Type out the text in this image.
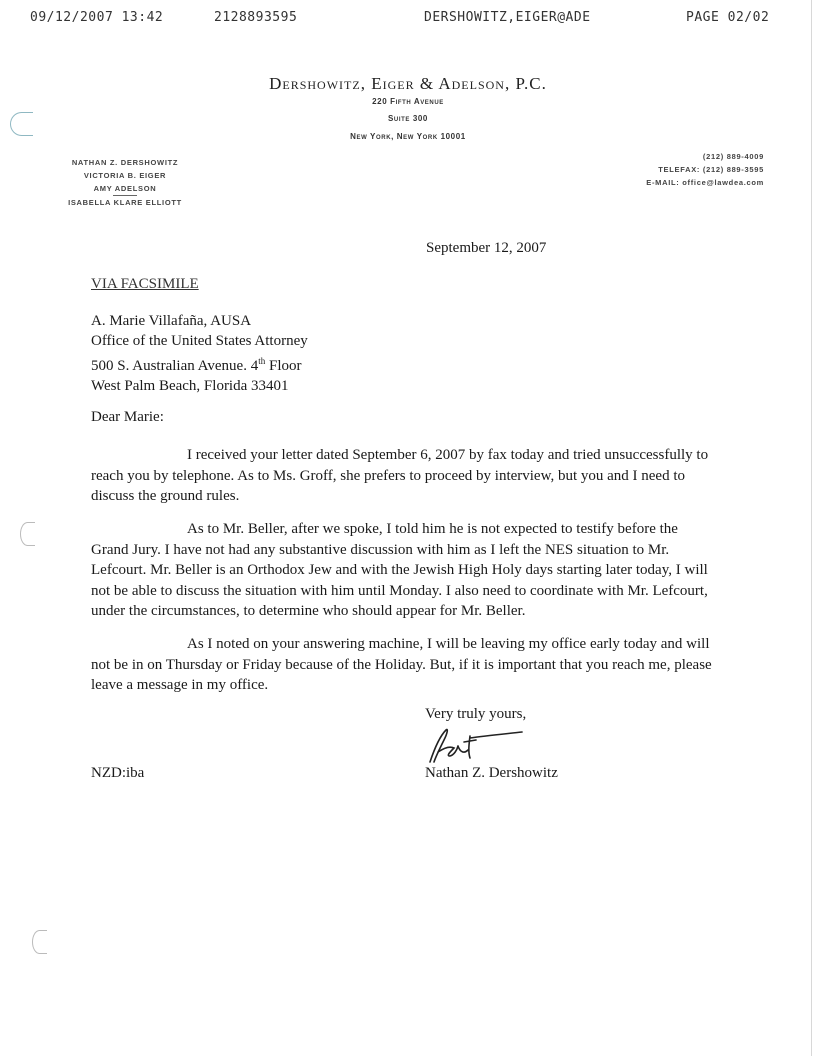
09/12/2007 13:42	2128893595	DERSHOWITZ,EIGER@ADE	PAGE 02/02
Dershowitz, Eiger & Adelson, P.C.
220 Fifth Avenue
Suite 300
New York, New York 10001
NATHAN Z. DERSHOWITZ
VICTORIA B. EIGER
AMY ADELSON
ISABELLA KLARE ELLIOTT
(212) 889-4009
TELEFAX: (212) 889-3595
E-MAIL: office@lawdea.com
September 12, 2007
VIA FACSIMILE
A. Marie Villafaña, AUSA
Office of the United States Attorney
500 S. Australian Avenue. 4th Floor
West Palm Beach, Florida 33401
Dear Marie:

I received your letter dated September 6, 2007 by fax today and tried unsuccessfully to reach you by telephone. As to Ms. Groff, she prefers to proceed by interview, but you and I need to discuss the ground rules.

As to Mr. Beller, after we spoke, I told him he is not expected to testify before the Grand Jury. I have not had any substantive discussion with him as I left the NES situation to Mr. Lefcourt. Mr. Beller is an Orthodox Jew and with the Jewish High Holy days starting later today, I will not be able to discuss the situation with him until Monday. I also need to coordinate with Mr. Lefcourt, under the circumstances, to determine who should appear for Mr. Beller.

As I noted on your answering machine, I will be leaving my office early today and will not be in on Thursday or Friday because of the Holiday. But, if it is important that you reach me, please leave a message in my office.

Very truly yours,
Nathan Z. Dershowitz
NZD:iba
